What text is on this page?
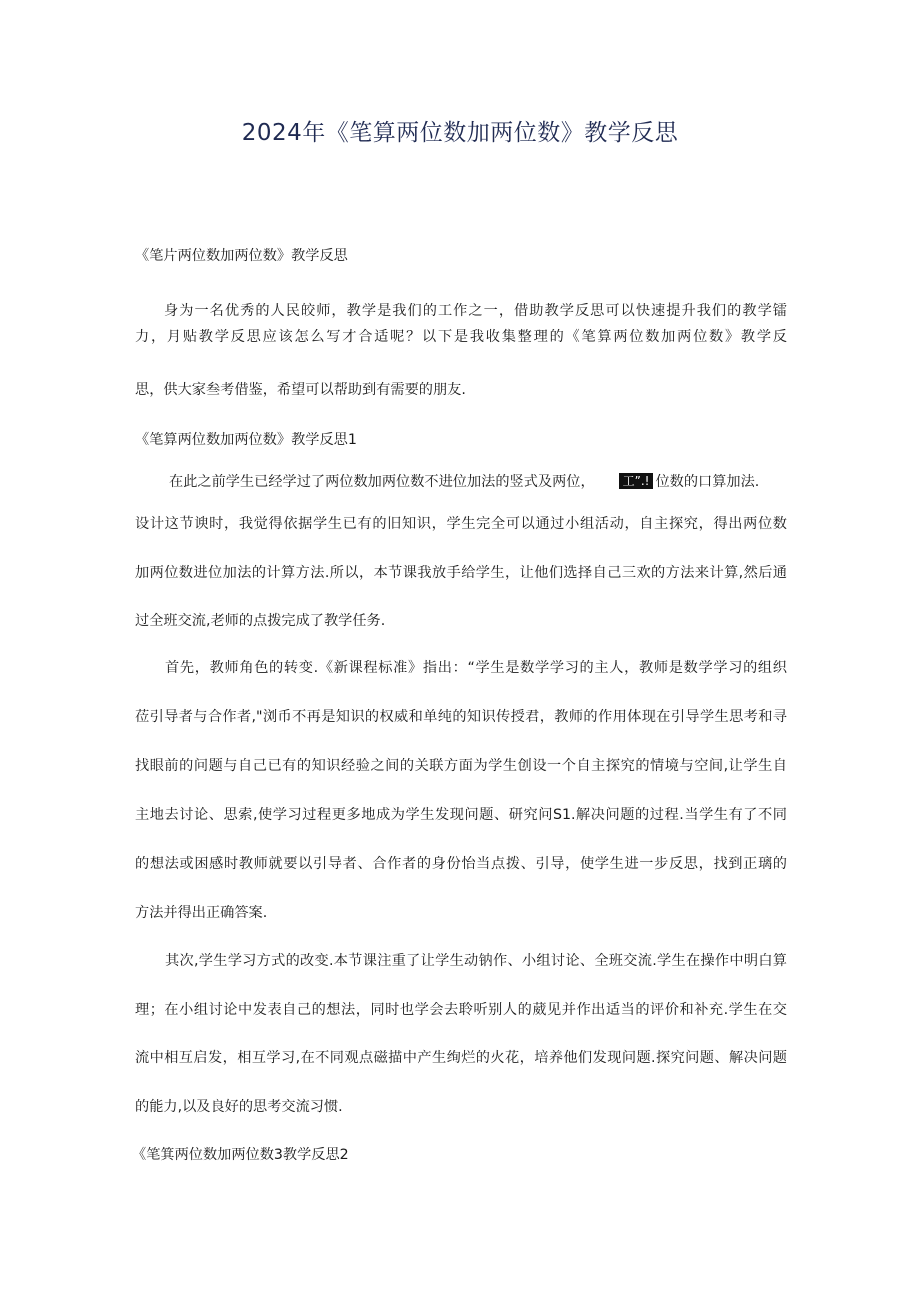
2024年《笔算两位数加两位数》教学反思
《笔片两位数加两位数》教学反思
身为一名优秀的人民皎师，教学是我们的工作之一，借助教学反思可以快速提升我们的教学镭
力，月贴教学反思应该怎么写才合适呢？以下是我收集整理的《笔算两位数加两位数》教学反
思，供大家叁考借鉴，希望可以帮助到有需要的朋友.
《笔算两位数加两位数》教学反思1
在此之前学生已经学过了两位数加两位数不进位加法的竖式及两位， 工”.! 位数的口算加法.
设计这节谀时，我觉得依据学生已有的旧知识，学生完全可以通过小组活动，自主探究，得出两位数
加两位数进位加法的计算方法.所以，本节课我放手给学生，让他们选择自己三欢的方法来计算,然后通
过全班交流,老师的点拨完成了教学任务.
首先，教师角色的转变.《新课程标准》指出：“学生是数学学习的主人，教师是数学学习的组织
莅引导者与合作者,"浏币不再是知识的权威和单纯的知识传授君，教师的作用体现在引导学生思考和寻
找眼前的问题与自己已有的知识经验之间的关联方面为学生创设一个自主探究的情境与空间,让学生自
主地去讨论、思索,使学习过程更多地成为学生发现问题、研究问S1.解决问题的过程.当学生有了不同
的想法或困感时教师就要以引导者、合作者的身份怡当点拨、引导，使学生进一步反思，找到正璃的
方法并得出正确答案.
其次,学生学习方式的改变.本节课注重了让学生动钠作、小组讨论、全班交流.学生在操作中明白算
理；在小组讨论中发表自己的想法，同时也学会去聆听别人的葳见并作出适当的评价和补充.学生在交
流中相互启发，相互学习,在不同观点磁描中产生绚烂的火花，培养他们发现问题.探究问题、解决问题
的能力,以及良好的思考交流习惯.
《笔箕两位数加两位数3教学反思2
